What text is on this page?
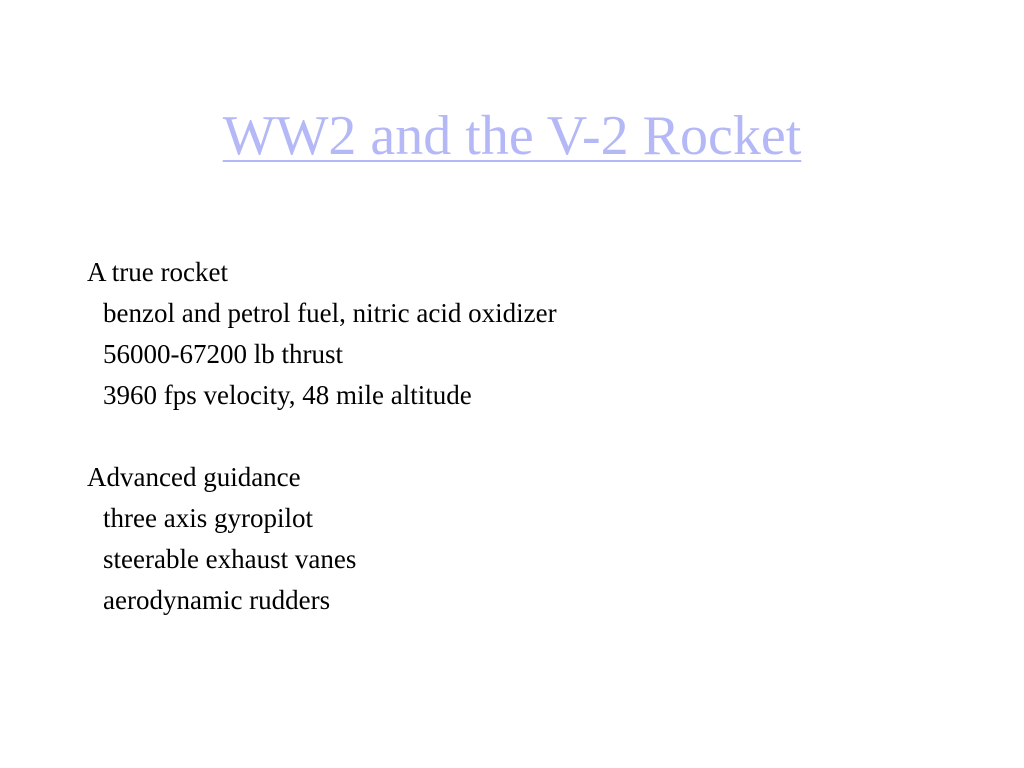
WW2 and the V-2 Rocket
A true rocket
benzol and petrol fuel, nitric acid oxidizer
56000-67200 lb thrust
3960 fps velocity, 48 mile altitude
Advanced guidance
three axis gyropilot
steerable exhaust vanes
aerodynamic rudders
